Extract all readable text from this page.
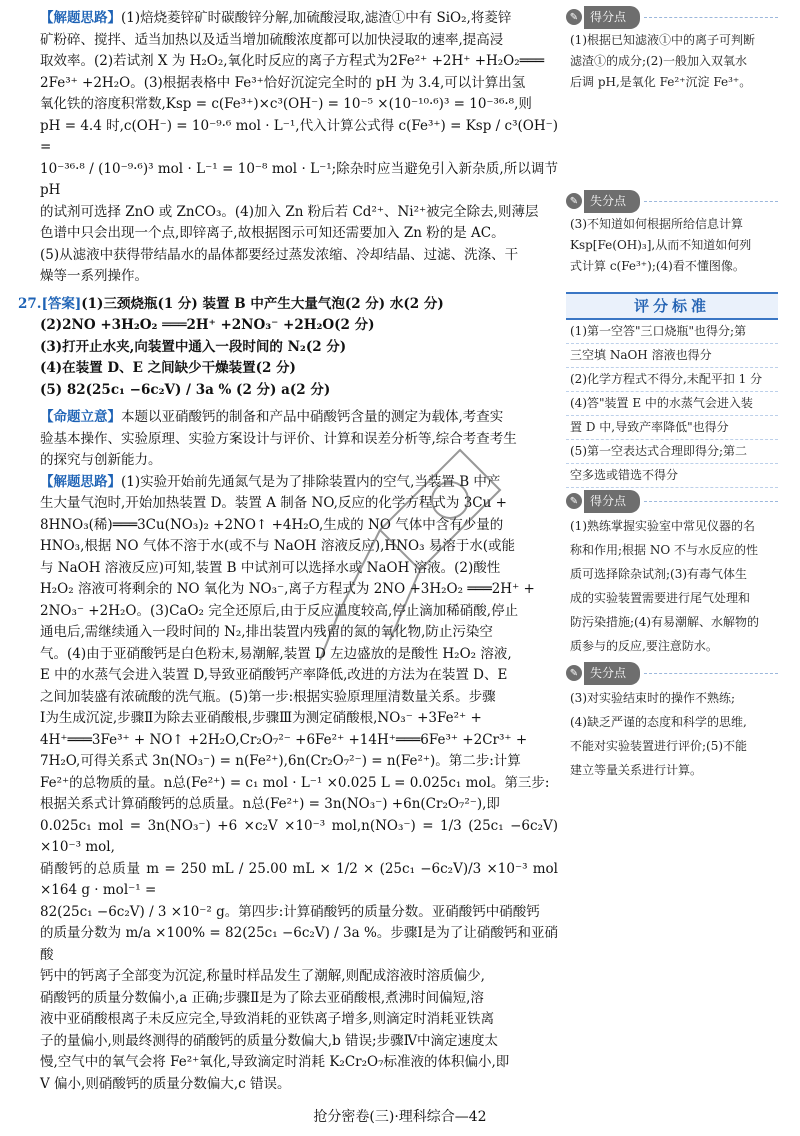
【解题思路】(1)焙烧菱锌矿时碳酸锌分解,加硫酸浸取,滤渣①中有 SiO₂,将菱锌
矿粉碎、搅拌、适当加热以及适当增加硫酸浓度都可以加快浸取的速率,提高浸
取效率。(2)若试剂 X 为 H₂O₂,氧化时反应的离子方程式为2Fe²⁺ +2H⁺ +H₂O₂═══
2Fe³⁺ +2H₂O。(3)根据表格中 Fe³⁺恰好沉淀完全时的 pH 为 3.4,可以计算出氢
氧化铁的溶度积常数,Ksp = c(Fe³⁺)×c³(OH⁻) = 10⁻⁵ ×(10⁻¹⁰·⁶)³ = 10⁻³⁶·⁸,则
pH = 4.4 时,c(OH⁻) = 10⁻⁹·⁶ mol · L⁻¹,代入计算公式得 c(Fe³⁺) = Ksp / c³(OH⁻) =
10⁻³⁶·⁸ / (10⁻⁹·⁶)³ mol · L⁻¹ = 10⁻⁸ mol · L⁻¹;除杂时应当避免引入新杂质,所以调节 pH
的试剂可选择 ZnO 或 ZnCO₃。(4)加入 Zn 粉后若 Cd²⁺、Ni²⁺被完全除去,则薄层
色谱中只会出现一个点,即锌离子,故根据图示可知还需要加入 Zn 粉的是 AC。
(5)从滤液中获得带结晶水的晶体都要经过蒸发浓缩、冷却结晶、过滤、洗涤、干
燥等一系列操作。

27.[答案](1)三颈烧瓶(1 分) 装置 B 中产生大量气泡(2 分) 水(2 分)

(2)2NO +3H₂O₂ ═══2H⁺ +2NO₃⁻ +2H₂O(2 分)

(3)打开止水夹,向装置中通入一段时间的 N₂(2 分)

(4)在装置 D、E 之间缺少干燥装置(2 分)

(5) 82(25c₁ −6c₂V) / 3a % (2 分) a(2 分)

【命题立意】本题以亚硝酸钙的制备和产品中硝酸钙含量的测定为载体,考查实
验基本操作、实验原理、实验方案设计与评价、计算和误差分析等,综合考查考生
的探究与创新能力。

【解题思路】(1)实验开始前先通氮气是为了排除装置内的空气,当装置 B 中产
生大量气泡时,开始加热装置 D。装置 A 制备 NO,反应的化学方程式为 3Cu +
8HNO₃(稀)═══3Cu(NO₃)₂ +2NO↑ +4H₂O,生成的 NO 气体中含有少量的
HNO₃,根据 NO 气体不溶于水(或不与 NaOH 溶液反应),HNO₃ 易溶于水(或能
与 NaOH 溶液反应)可知,装置 B 中试剂可以选择水或 NaOH 溶液。(2)酸性
H₂O₂ 溶液可将剩余的 NO 氧化为 NO₃⁻,离子方程式为 2NO +3H₂O₂ ═══2H⁺ +
2NO₃⁻ +2H₂O。(3)CaO₂ 完全还原后,由于反应温度较高,停止滴加稀硝酸,停止
通电后,需继续通入一段时间的 N₂,排出装置内残留的氮的氧化物,防止污染空
气。(4)由于亚硝酸钙是白色粉末,易潮解,装置 D 左边盛放的是酸性 H₂O₂ 溶液,
E 中的水蒸气会进入装置 D,导致亚硝酸钙产率降低,改进的方法为在装置 D、E
之间加装盛有浓硫酸的洗气瓶。(5)第一步:根据实验原理厘清数量关系。步骤
Ⅰ为生成沉淀,步骤Ⅱ为除去亚硝酸根,步骤Ⅲ为测定硝酸根,NO₃⁻ +3Fe²⁺ +
4H⁺═══3Fe³⁺ + NO↑ +2H₂O,Cr₂O₇²⁻ +6Fe²⁺ +14H⁺═══6Fe³⁺ +2Cr³⁺ +
7H₂O,可得关系式 3n(NO₃⁻) = n(Fe²⁺),6n(Cr₂O₇²⁻) = n(Fe²⁺)。第二步:计算
Fe²⁺的总物质的量。n总(Fe²⁺) = c₁ mol · L⁻¹ ×0.025 L = 0.025c₁ mol。第三步:
根据关系式计算硝酸钙的总质量。n总(Fe²⁺) = 3n(NO₃⁻) +6n(Cr₂O₇²⁻),即
0.025c₁ mol = 3n(NO₃⁻) +6 ×c₂V ×10⁻³ mol,n(NO₃⁻) = 1/3 (25c₁ −6c₂V) ×10⁻³ mol,
硝酸钙的总质量 m = 250 mL / 25.00 mL × 1/2 × (25c₁ −6c₂V)/3 ×10⁻³ mol ×164 g · mol⁻¹ =
82(25c₁ −6c₂V) / 3 ×10⁻² g。第四步:计算硝酸钙的质量分数。亚硝酸钙中硝酸钙
的质量分数为 m/a ×100% = 82(25c₁ −6c₂V) / 3a %。步骤Ⅰ是为了让硝酸钙和亚硝酸
钙中的钙离子全部变为沉淀,称量时样品发生了潮解,则配成溶液时溶质偏少,
硝酸钙的质量分数偏小,a 正确;步骤Ⅱ是为了除去亚硝酸根,煮沸时间偏短,溶
液中亚硝酸根离子未反应完全,导致消耗的亚铁离子增多,则滴定时消耗亚铁离
子的量偏小,则最终测得的硝酸钙的质量分数偏大,b 错误;步骤Ⅳ中滴定速度太
慢,空气中的氧气会将 Fe²⁺氧化,导致滴定时消耗 K₂Cr₂O₇标准液的体积偏小,即
V 偏小,则硝酸钙的质量分数偏大,c 错误。

✎ 得分点

(1)根据已知滤液①中的离子可判断

滤渣①的成分;(2)一般加入双氧水

后调 pH,是氧化 Fe²⁺沉淀 Fe³⁺。

✎ 失分点

(3)不知道如何根据所给信息计算

Ksp[Fe(OH)₃],从而不知道如何列

式计算 c(Fe³⁺);(4)看不懂图像。

评分标准

(1)第一空答"三口烧瓶"也得分;第

三空填 NaOH 溶液也得分

(2)化学方程式不得分,未配平扣 1 分

(4)答"装置 E 中的水蒸气会进入装

置 D 中,导致产率降低"也得分

(5)第一空表达式合理即得分;第二

空多选或错选不得分

✎ 得分点

(1)熟练掌握实验室中常见仪器的名

称和作用;根据 NO 不与水反应的性

质可选择除杂试剂;(3)有毒气体生

成的实验装置需要进行尾气处理和

防污染措施;(4)有易潮解、水解物的

质参与的反应,要注意防水。

✎ 失分点

(3)对实验结束时的操作不熟练;

(4)缺乏严谨的态度和科学的思维,

不能对实验装置进行评价;(5)不能

建立等量关系进行计算。

抢分密卷(三)·理科综合—42
